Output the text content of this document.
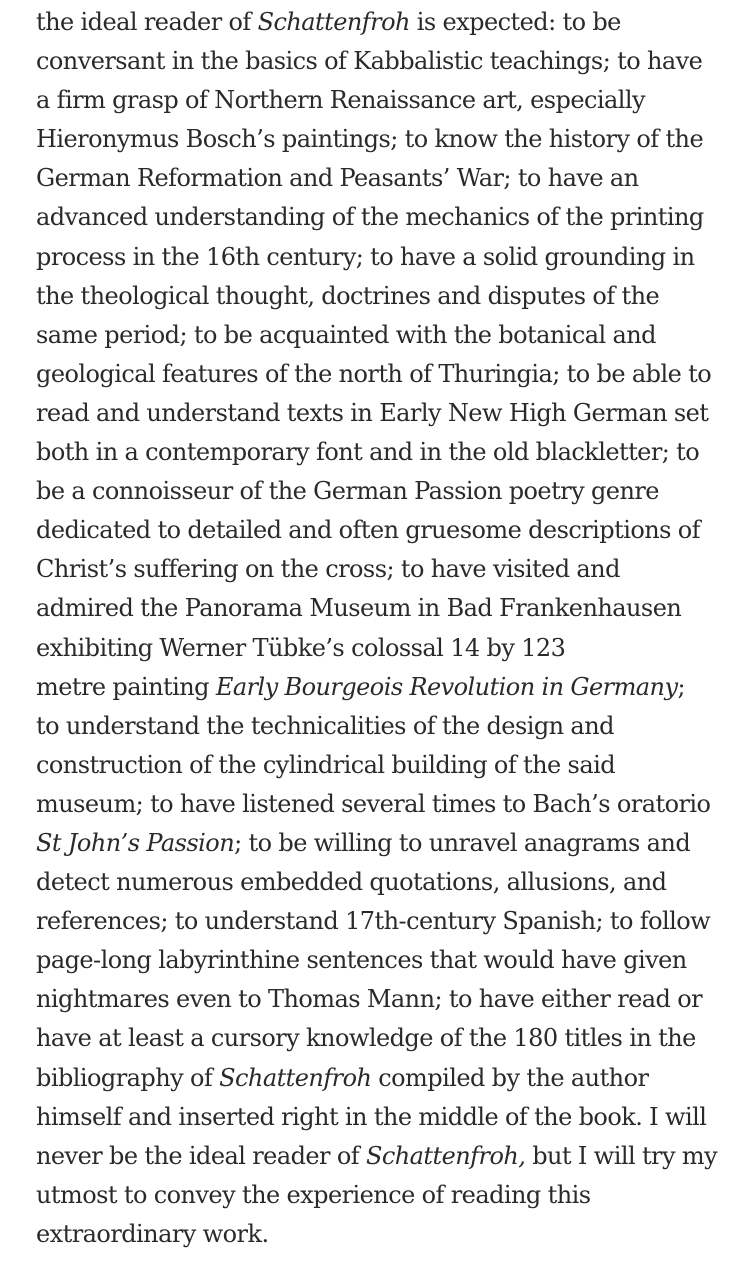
the ideal reader of Schattenfroh is expected: to be
conversant in the basics of Kabbalistic teachings; to have
a firm grasp of Northern Renaissance art, especially
Hieronymus Bosch’s paintings; to know the history of the
German Reformation and Peasants’ War; to have an
advanced understanding of the mechanics of the printing
process in the 16th century; to have a solid grounding in
the theological thought, doctrines and disputes of the
same period; to be acquainted with the botanical and
geological features of the north of Thuringia; to be able to
read and understand texts in Early New High German set
both in a contemporary font and in the old blackletter; to
be a connoisseur of the German Passion poetry genre
dedicated to detailed and often gruesome descriptions of
Christ’s suffering on the cross; to have visited and
admired the Panorama Museum in Bad Frankenhausen
exhibiting Werner Tübke’s colossal 14 by 123
metre painting Early Bourgeois Revolution in Germany;
to understand the technicalities of the design and
construction of the cylindrical building of the said
museum; to have listened several times to Bach’s oratorio
St John’s Passion; to be willing to unravel anagrams and
detect numerous embedded quotations, allusions, and
references; to understand 17th-century Spanish; to follow
page-long labyrinthine sentences that would have given
nightmares even to Thomas Mann; to have either read or
have at least a cursory knowledge of the 180 titles in the
bibliography of Schattenfroh compiled by the author
himself and inserted right in the middle of the book. I will
never be the ideal reader of Schattenfroh, but I will try my
utmost to convey the experience of reading this
extraordinary work.
